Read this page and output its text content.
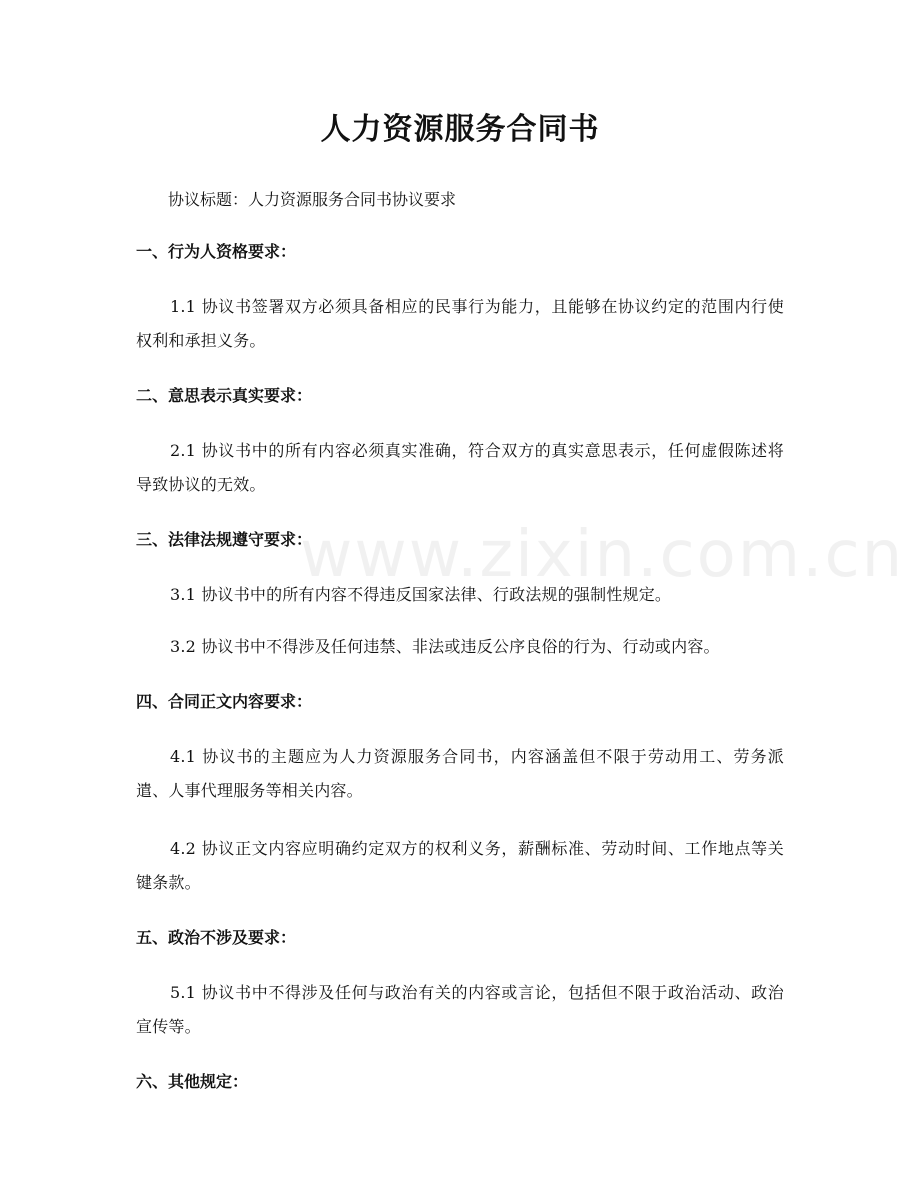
人力资源服务合同书

协议标题：人力资源服务合同书协议要求

一、行为人资格要求：

1.1 协议书签署双方必须具备相应的民事行为能力，且能够在协议约定的范围内行使权利和承担义务。

二、意思表示真实要求：

2.1 协议书中的所有内容必须真实准确，符合双方的真实意思表示，任何虚假陈述将导致协议的无效。

三、法律法规遵守要求：

3.1 协议书中的所有内容不得违反国家法律、行政法规的强制性规定。

3.2 协议书中不得涉及任何违禁、非法或违反公序良俗的行为、行动或内容。

四、合同正文内容要求：

4.1 协议书的主题应为人力资源服务合同书，内容涵盖但不限于劳动用工、劳务派遣、人事代理服务等相关内容。

4.2 协议正文内容应明确约定双方的权利义务，薪酬标准、劳动时间、工作地点等关键条款。

五、政治不涉及要求：

5.1 协议书中不得涉及任何与政治有关的内容或言论，包括但不限于政治活动、政治宣传等。

六、其他规定：
www.zixin.com.cn
